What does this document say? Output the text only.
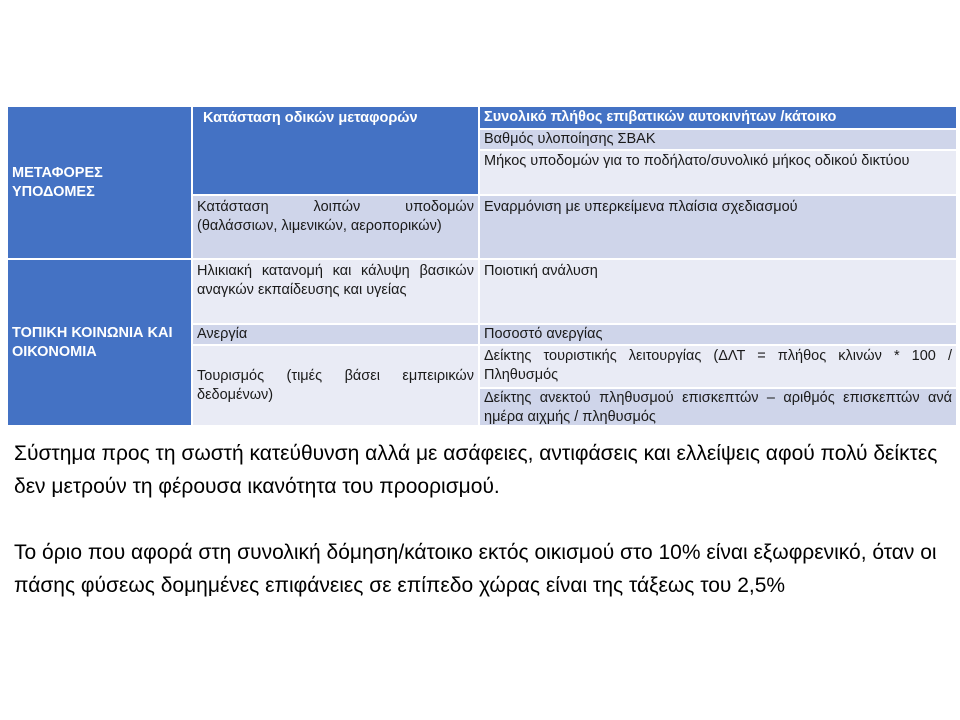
ΜΕΤΑΦΟΡΕΣ
ΥΠΟΔΟΜΕΣ
ΤΟΠΙΚΗ ΚΟΙΝΩΝΙΑ ΚΑΙ ΟΙΚΟΝΟΜΙΑ
Κατάσταση οδικών μεταφορών
Κατάσταση λοιπών υποδομών (θαλάσσιων, λιμενικών, αεροπορικών)
Ηλικιακή κατανομή και κάλυψη βασικών αναγκών εκπαίδευσης και υγείας
Ανεργία
Τουρισμός (τιμές βάσει εμπειρικών δεδομένων)
Συνολικό πλήθος επιβατικών αυτοκινήτων /κάτοικο
Βαθμός υλοποίησης ΣΒΑΚ
Μήκος υποδομών για το ποδήλατο/συνολικό μήκος οδικού δικτύου
Εναρμόνιση με υπερκείμενα πλαίσια σχεδιασμού
Ποιοτική ανάλυση
Ποσοστό ανεργίας
Δείκτης τουριστικής λειτουργίας (ΔΛΤ = πλήθος κλινών * 100 / Πληθυσμός
Δείκτης ανεκτού πληθυσμού επισκεπτών – αριθμός επισκεπτών ανά ημέρα αιχμής / πληθυσμός
Σύστημα προς τη σωστή κατεύθυνση αλλά με ασάφειες, αντιφάσεις και ελλείψεις αφού πολύ δείκτες δεν μετρούν τη φέρουσα ικανότητα του προορισμού.
Το όριο που αφορά στη συνολική δόμηση/κάτοικο εκτός οικισμού στο 10% είναι εξωφρενικό, όταν οι πάσης φύσεως δομημένες επιφάνειες σε επίπεδο χώρας είναι της τάξεως του 2,5%
